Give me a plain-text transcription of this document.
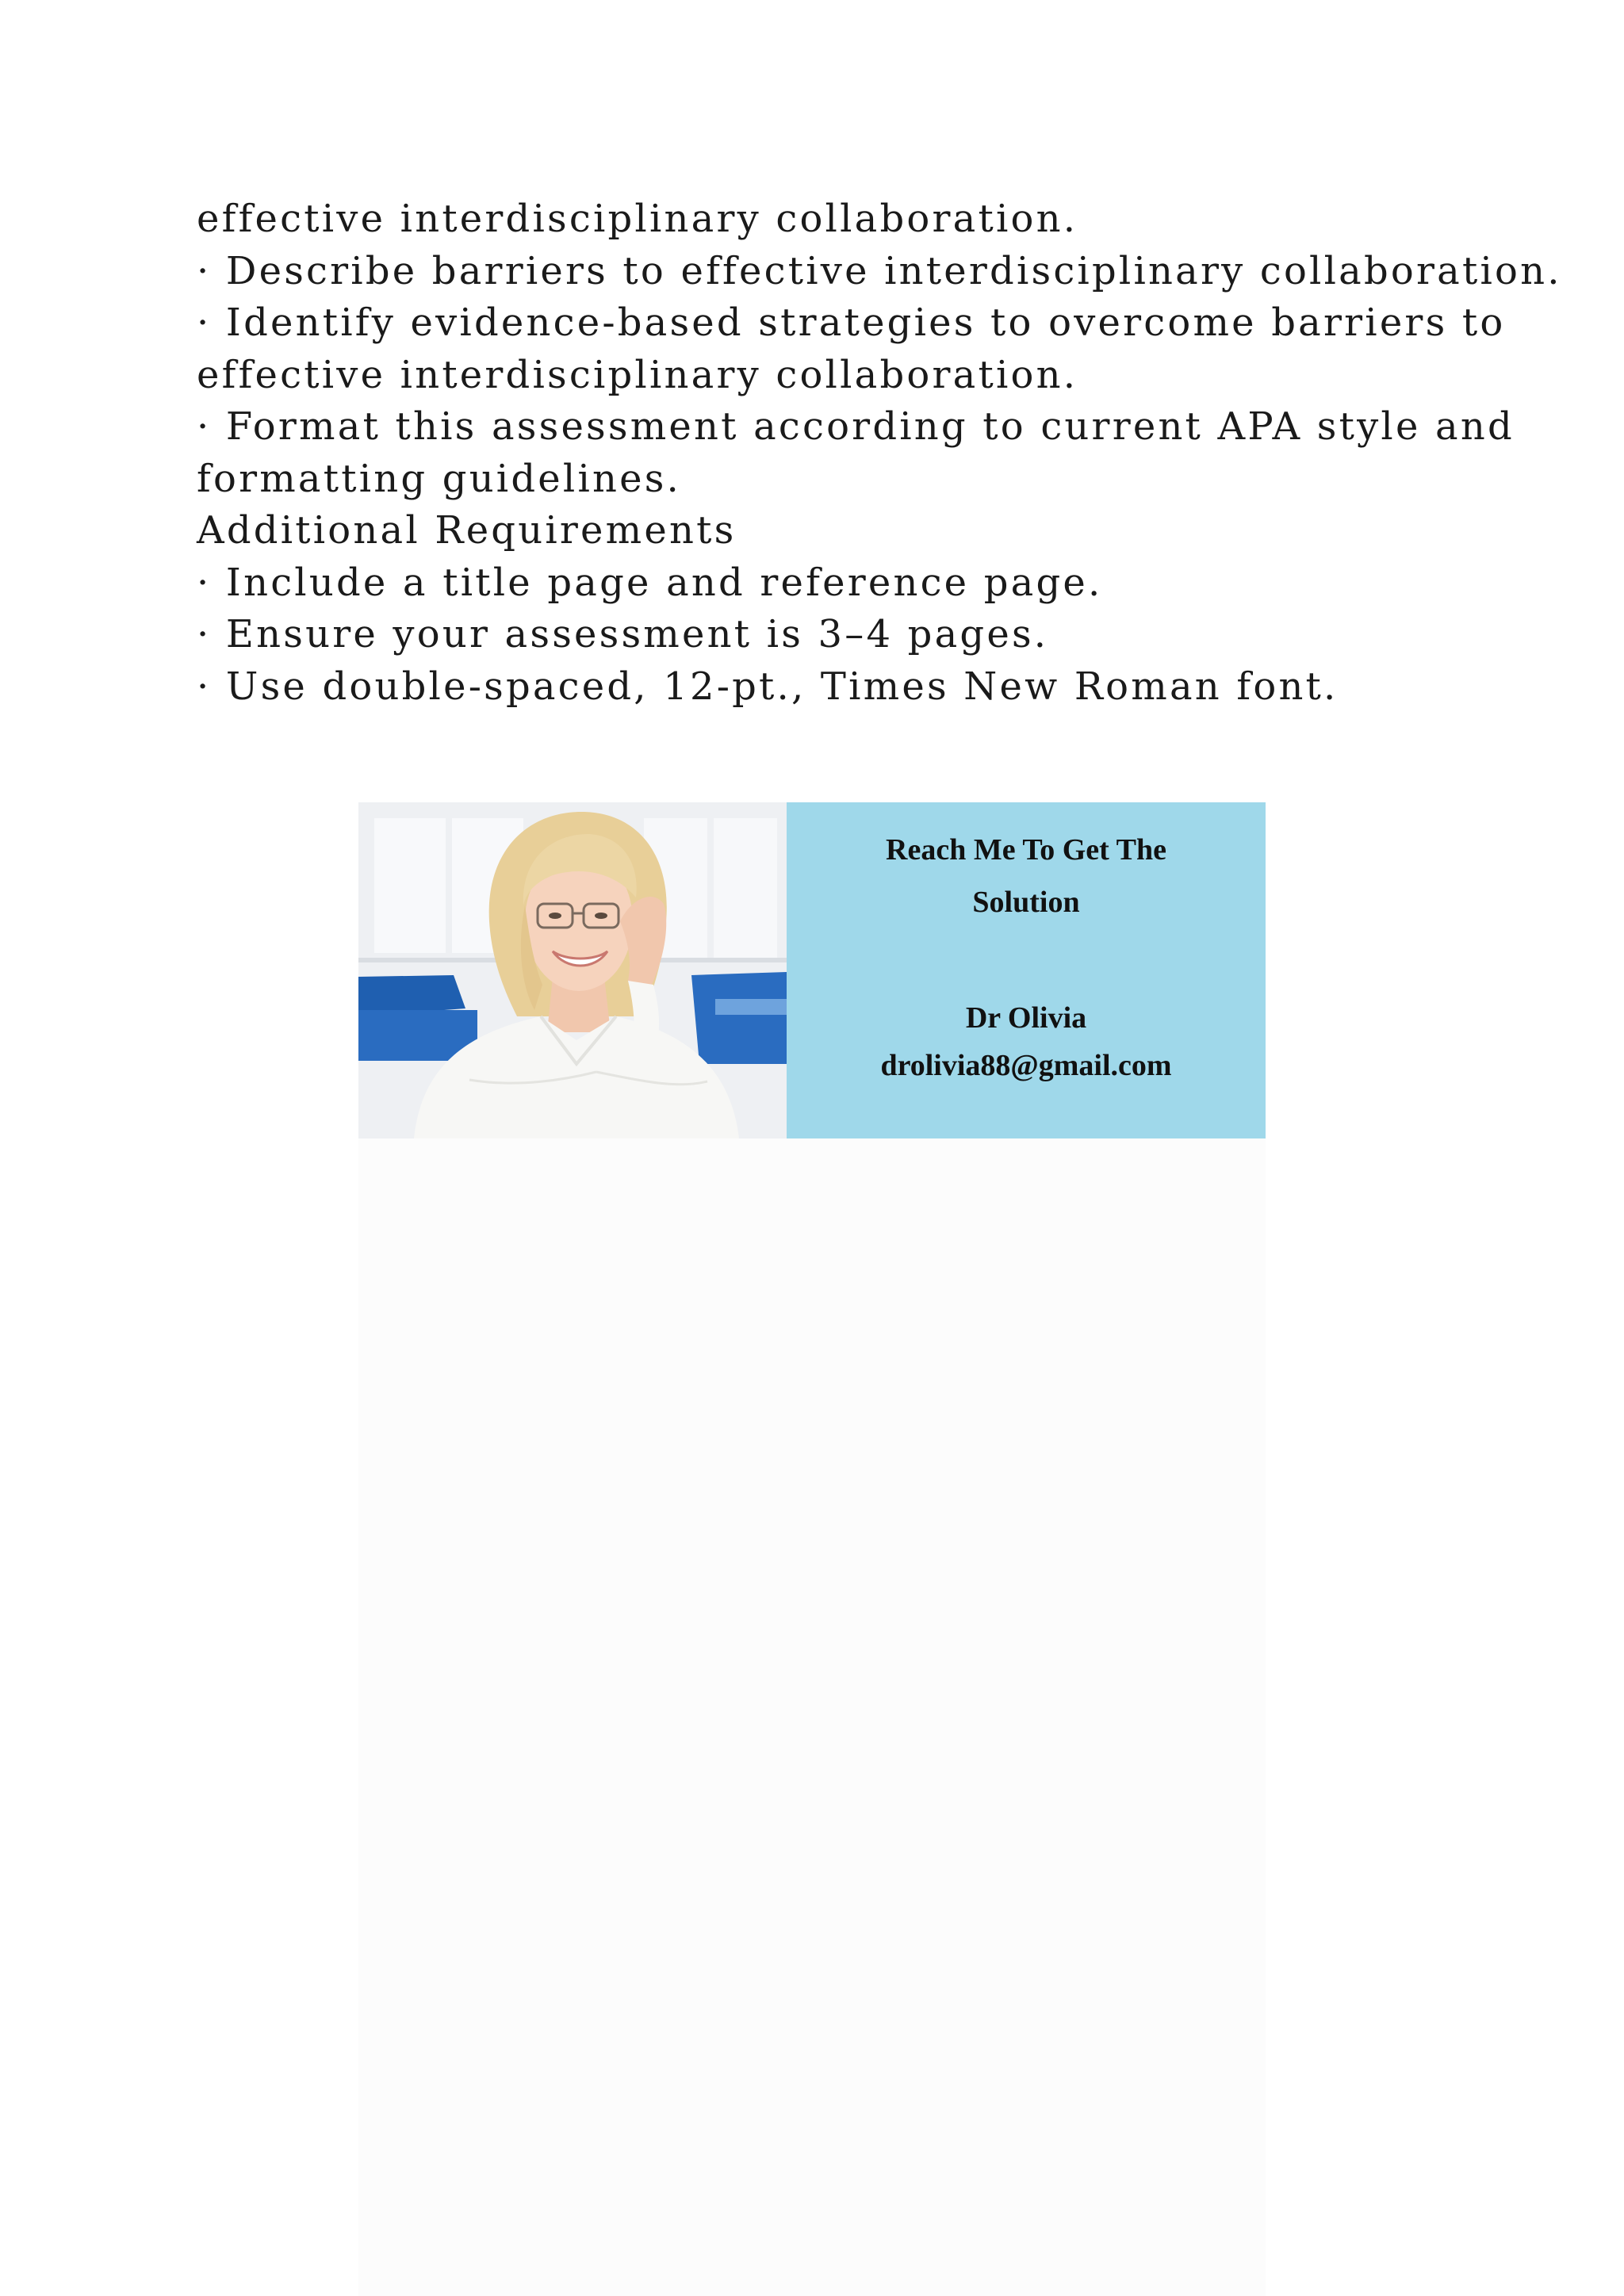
effective interdisciplinary collaboration.
· Describe barriers to effective interdisciplinary collaboration.
· Identify evidence-based strategies to overcome barriers to
effective interdisciplinary collaboration.
· Format this assessment according to current APA style and
formatting guidelines.
Additional Requirements
· Include a title page and reference page.
· Ensure your assessment is 3–4 pages.
· Use double-spaced, 12-pt., Times New Roman font.
Reach Me To Get The
Solution
Dr Olivia
drolivia88@gmail.com
